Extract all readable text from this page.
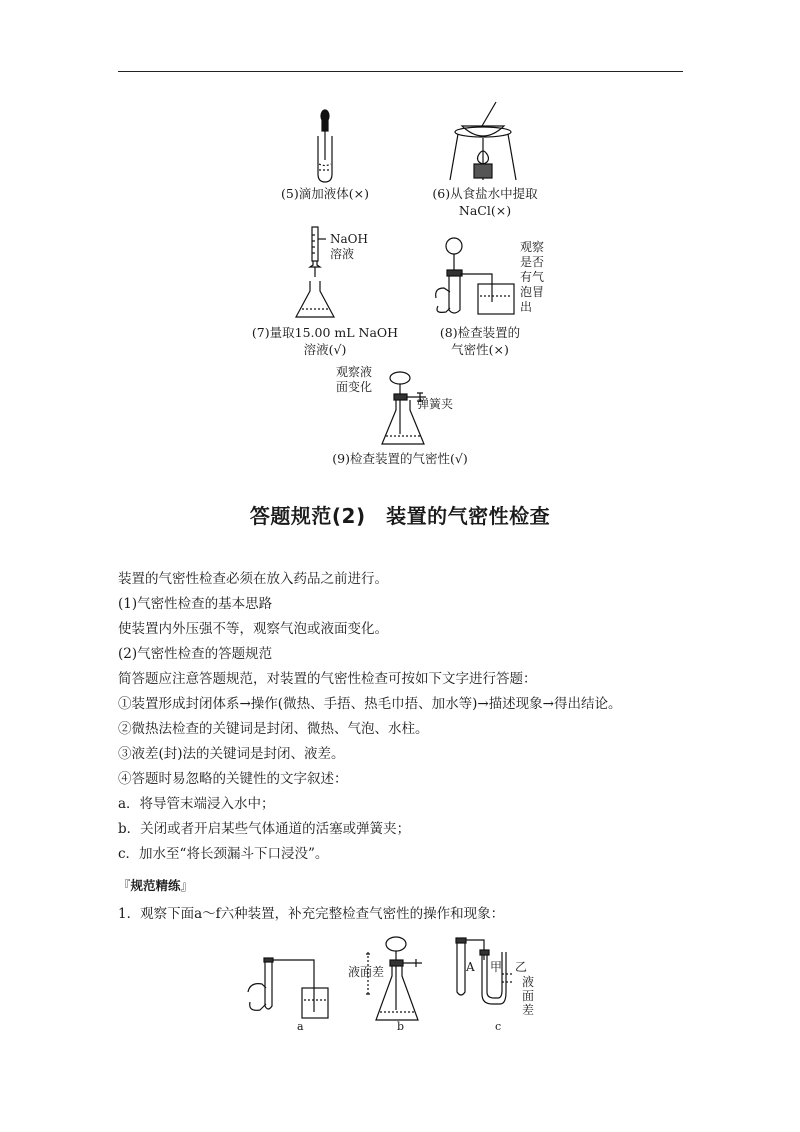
(5)滴加液体(×)	(6)从食盐水中提取
NaCl(×)
NaOH
溶液
(7)量取15.00 mL NaOH
溶液(√)
观察
是否
有气
泡冒
出
(8)检查装置的
气密性(×)
观察液
面变化
弹簧夹
(9)检查装置的气密性(√)
答题规范(2)　装置的气密性检查
装置的气密性检查必须在放入药品之前进行。
(1)气密性检查的基本思路
使装置内外压强不等，观察气泡或液面变化。
(2)气密性检查的答题规范
简答题应注意答题规范，对装置的气密性检查可按如下文字进行答题：
①装置形成封闭体系→操作(微热、手捂、热毛巾捂、加水等)→描述现象→得出结论。
②微热法检查的关键词是封闭、微热、气泡、水柱。
③液差(封)法的关键词是封闭、液差。
④答题时易忽略的关键性的文字叙述：
a．将导管末端浸入水中；
b．关闭或者开启某些气体通道的活塞或弹簧夹；
c．加水至“将长颈漏斗下口浸没”。
『规范精练』
1．观察下面a～f六种装置，补充完整检查气密性的操作和现象：
a
液面差
b
A 甲 乙
液
面
差
c
